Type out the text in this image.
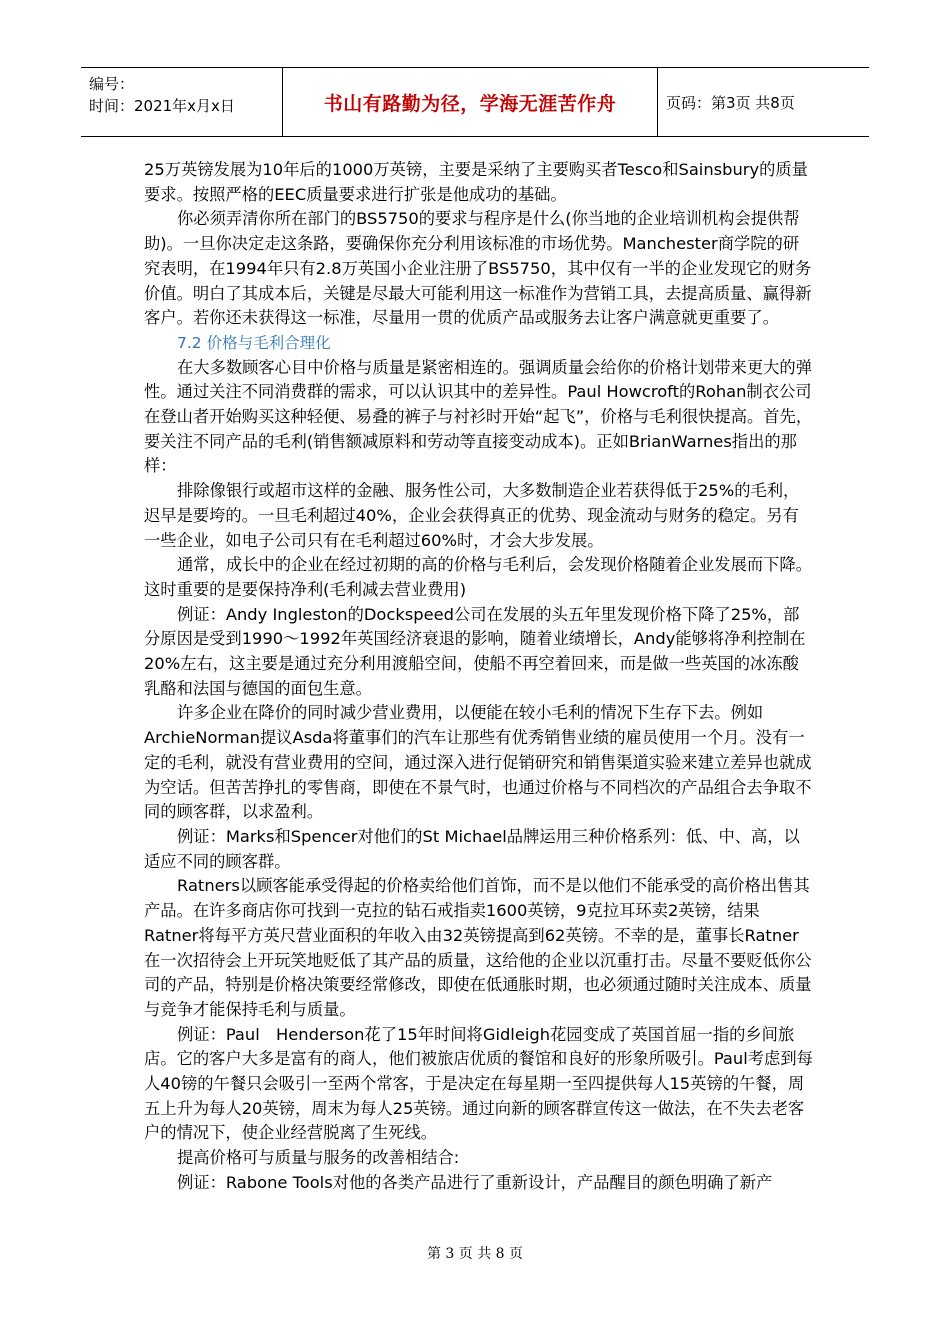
编号：
时间：2021年x月x日	书山有路勤为径，学海无涯苦作舟	页码：第3页 共8页

25万英镑发展为10年后的1000万英镑，主要是采纳了主要购买者Tesco和Sainsbury的质量要求。按照严格的EEC质量要求进行扩张是他成功的基础。

你必须弄清你所在部门的BS5750的要求与程序是什么(你当地的企业培训机构会提供帮助)。一旦你决定走这条路，要确保你充分利用该标准的市场优势。Manchester商学院的研究表明，在1994年只有2.8万英国小企业注册了BS5750，其中仅有一半的企业发现它的财务价值。明白了其成本后，关键是尽最大可能利用这一标准作为营销工具，去提高质量、赢得新客户。若你还未获得这一标准，尽量用一贯的优质产品或服务去让客户满意就更重要了。

7.2 价格与毛利合理化

在大多数顾客心目中价格与质量是紧密相连的。强调质量会给你的价格计划带来更大的弹性。通过关注不同消费群的需求，可以认识其中的差异性。Paul Howcroft的Rohan制衣公司在登山者开始购买这种轻便、易叠的裤子与衬衫时开始“起飞”，价格与毛利很快提高。首先，要关注不同产品的毛利(销售额减原料和劳动等直接变动成本)。正如BrianWarnes指出的那样：

排除像银行或超市这样的金融、服务性公司，大多数制造企业若获得低于25%的毛利，迟早是要垮的。一旦毛利超过40%，企业会获得真正的优势、现金流动与财务的稳定。另有一些企业，如电子公司只有在毛利超过60%时，才会大步发展。

通常，成长中的企业在经过初期的高的价格与毛利后，会发现价格随着企业发展而下降。这时重要的是要保持净利(毛利减去营业费用)

例证：Andy Ingleston的Dockspeed公司在发展的头五年里发现价格下降了25%，部分原因是受到1990～1992年英国经济衰退的影响，随着业绩增长，Andy能够将净利控制在20%左右，这主要是通过充分利用渡船空间，使船不再空着回来，而是做一些英国的冰冻酸乳酪和法国与德国的面包生意。

许多企业在降价的同时减少营业费用，以便能在较小毛利的情况下生存下去。例如ArchieNorman提议Asda将董事们的汽车让那些有优秀销售业绩的雇员使用一个月。没有一定的毛利，就没有营业费用的空间，通过深入进行促销研究和销售渠道实验来建立差异也就成为空话。但苦苦挣扎的零售商，即使在不景气时，也通过价格与不同档次的产品组合去争取不同的顾客群，以求盈利。

例证：Marks和Spencer对他们的St Michael品牌运用三种价格系列：低、中、高，以适应不同的顾客群。

Ratners以顾客能承受得起的价格卖给他们首饰，而不是以他们不能承受的高价格出售其产品。在许多商店你可找到一克拉的钻石戒指卖1600英镑，9克拉耳环卖2英镑，结果Ratner将每平方英尺营业面积的年收入由32英镑提高到62英镑。不幸的是，董事长Ratner在一次招待会上开玩笑地贬低了其产品的质量，这给他的企业以沉重打击。尽量不要贬低你公司的产品，特别是价格决策要经常修改，即使在低通胀时期，也必须通过随时关注成本、质量与竞争才能保持毛利与质量。

例证：Paul　Henderson花了15年时间将Gidleigh花园变成了英国首屈一指的乡间旅店。它的客户大多是富有的商人，他们被旅店优质的餐馆和良好的形象所吸引。Paul考虑到每人40镑的午餐只会吸引一至两个常客，于是决定在每星期一至四提供每人15英镑的午餐，周五上升为每人20英镑，周末为每人25英镑。通过向新的顾客群宣传这一做法，在不失去老客户的情况下，使企业经营脱离了生死线。

提高价格可与质量与服务的改善相结合:

例证：Rabone Tools对他的各类产品进行了重新设计，产品醒目的颜色明确了新产

第 3 页 共 8 页
